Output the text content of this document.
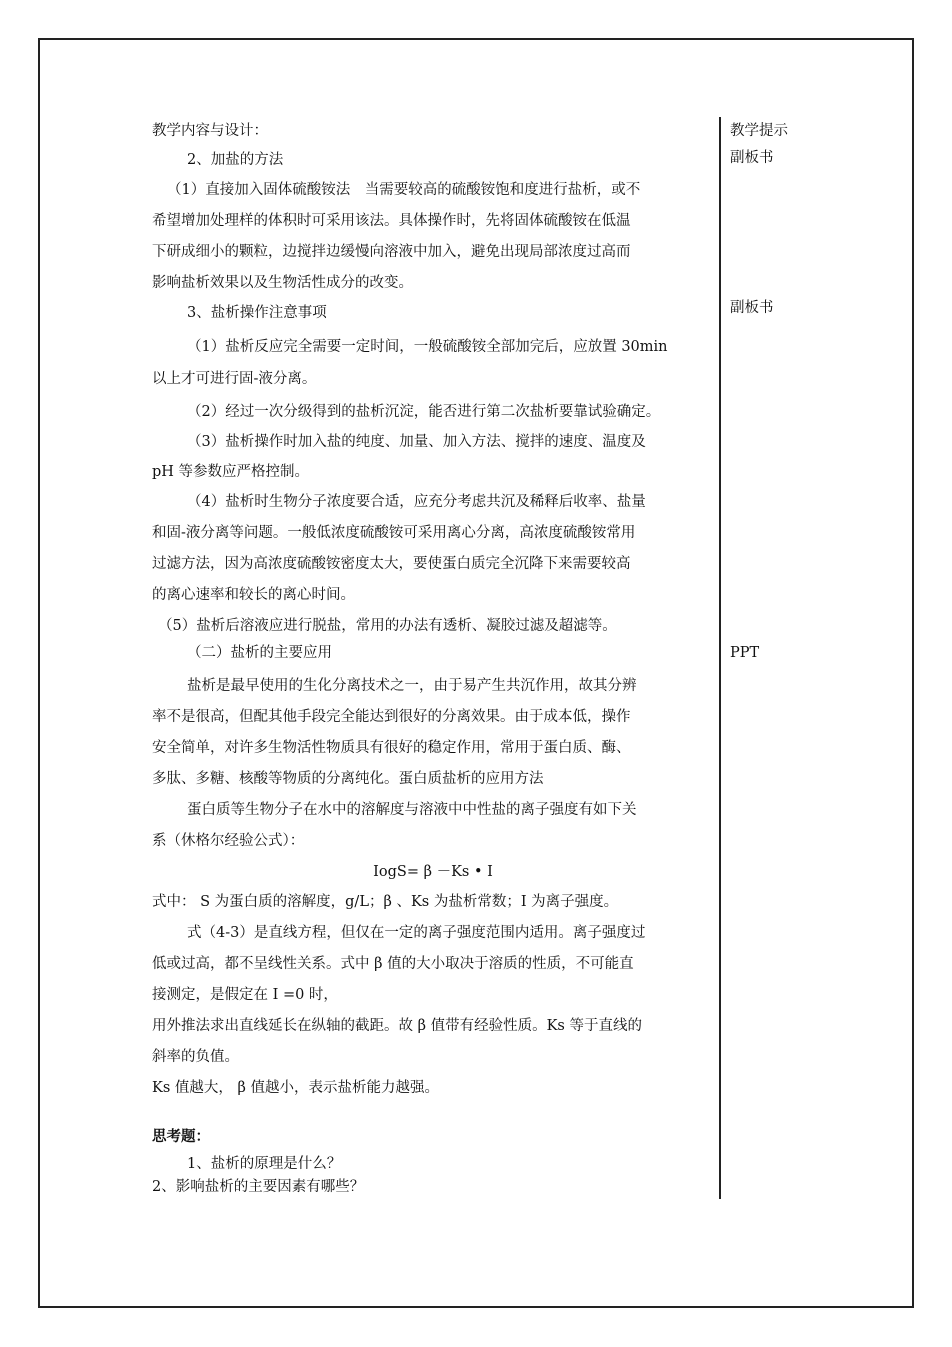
教学内容与设计：
2、加盐的方法
（1）直接加入固体硫酸铵法　当需要较高的硫酸铵饱和度进行盐析，或不
希望增加处理样的体积时可采用该法。具体操作时，先将固体硫酸铵在低温
下研成细小的颗粒，边搅拌边缓慢向溶液中加入，避免出现局部浓度过高而
影响盐析效果以及生物活性成分的改变。
3、盐析操作注意事项
（1）盐析反应完全需要一定时间，一般硫酸铵全部加完后，应放置 30min
以上才可进行固-液分离。
（2）经过一次分级得到的盐析沉淀，能否进行第二次盐析要靠试验确定。
（3）盐析操作时加入盐的纯度、加量、加入方法、搅拌的速度、温度及
pH 等参数应严格控制。
（4）盐析时生物分子浓度要合适，应充分考虑共沉及稀释后收率、盐量
和固-液分离等问题。一般低浓度硫酸铵可采用离心分离，高浓度硫酸铵常用
过滤方法，因为高浓度硫酸铵密度太大，要使蛋白质完全沉降下来需要较高
的离心速率和较长的离心时间。
（5）盐析后溶液应进行脱盐，常用的办法有透析、凝胶过滤及超滤等。
（二）盐析的主要应用
盐析是最早使用的生化分离技术之一，由于易产生共沉作用，故其分辨
率不是很高，但配其他手段完全能达到很好的分离效果。由于成本低，操作
安全简单，对许多生物活性物质具有很好的稳定作用，常用于蛋白质、酶、
多肽、多糖、核酸等物质的分离纯化。蛋白质盐析的应用方法
蛋白质等生物分子在水中的溶解度与溶液中中性盐的离子强度有如下关
系（休格尔经验公式）：
IogS= β －Ks • I
式中： S 为蛋白质的溶解度，g/L；β 、Ks 为盐析常数；I 为离子强度。
式（4-3）是直线方程，但仅在一定的离子强度范围内适用。离子强度过
低或过高，都不呈线性关系。式中 β 值的大小取决于溶质的性质，不可能直
接测定，是假定在 I =0 时，
用外推法求出直线延长在纵轴的截距。故 β 值带有经验性质。Ks 等于直线的
斜率的负值。
Ks 值越大， β 值越小，表示盐析能力越强。
思考题：
1、盐析的原理是什么？
2、影响盐析的主要因素有哪些？
教学提示
副板书
副板书
PPT
